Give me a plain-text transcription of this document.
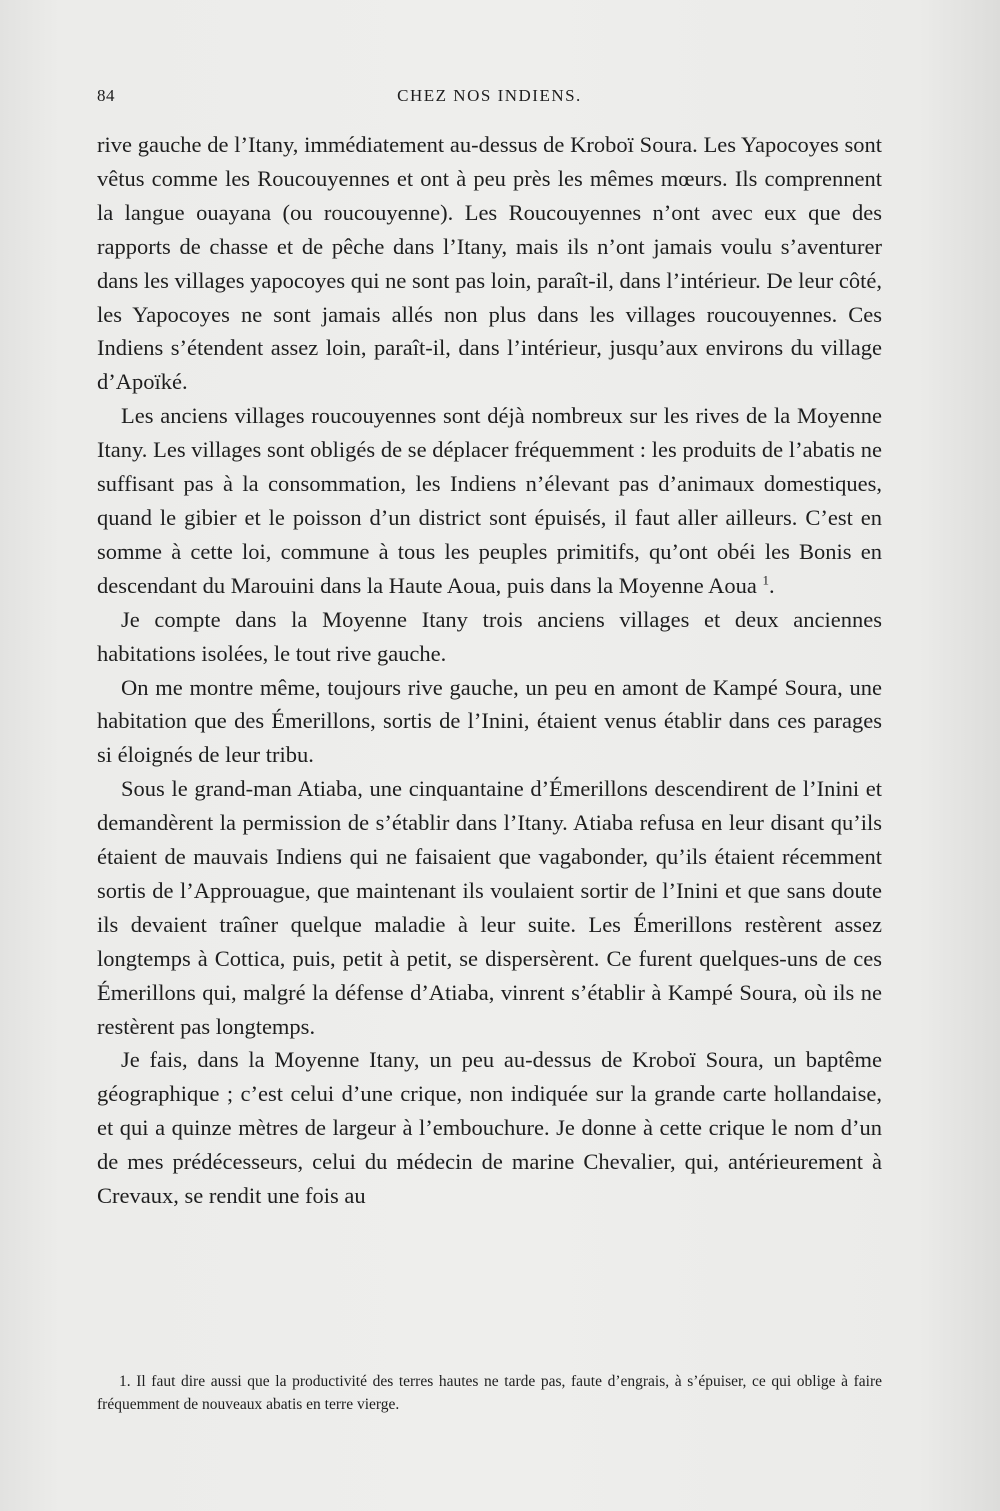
84	CHEZ NOS INDIENS.

rive gauche de l’Itany, immédiatement au-dessus de Kroboï Soura. Les Yapocoyes sont vêtus comme les Roucouyennes et ont à peu près les mêmes mœurs. Ils comprennent la langue ouayana (ou roucouyenne). Les Roucouyennes n’ont avec eux que des rapports de chasse et de pêche dans l’Itany, mais ils n’ont jamais voulu s’aventurer dans les villages yapocoyes qui ne sont pas loin, paraît-il, dans l’intérieur. De leur côté, les Yapocoyes ne sont jamais allés non plus dans les villages roucouyennes. Ces Indiens s’étendent assez loin, paraît-il, dans l’intérieur, jusqu’aux environs du village d’Apoïké.

Les anciens villages roucouyennes sont déjà nombreux sur les rives de la Moyenne Itany. Les villages sont obligés de se déplacer fréquemment : les produits de l’abatis ne suffisant pas à la consommation, les Indiens n’élevant pas d’animaux domestiques, quand le gibier et le poisson d’un district sont épuisés, il faut aller ailleurs. C’est en somme à cette loi, commune à tous les peuples primitifs, qu’ont obéi les Bonis en descendant du Marouini dans la Haute Aoua, puis dans la Moyenne Aoua $^1$.

Je compte dans la Moyenne Itany trois anciens villages et deux anciennes habitations isolées, le tout rive gauche.

On me montre même, toujours rive gauche, un peu en amont de Kampé Soura, une habitation que des Émerillons, sortis de l’Inini, étaient venus établir dans ces parages si éloignés de leur tribu.

Sous le grand-man Atiaba, une cinquantaine d’Émerillons descendirent de l’Inini et demandèrent la permission de s’établir dans l’Itany. Atiaba refusa en leur disant qu’ils étaient de mauvais Indiens qui ne faisaient que vagabonder, qu’ils étaient récemment sortis de l’Approuague, que maintenant ils voulaient sortir de l’Inini et que sans doute ils devaient traîner quelque maladie à leur suite. Les Émerillons restèrent assez longtemps à Cottica, puis, petit à petit, se dispersèrent. Ce furent quelques-uns de ces Émerillons qui, malgré la défense d’Atiaba, vinrent s’établir à Kampé Soura, où ils ne restèrent pas longtemps.

Je fais, dans la Moyenne Itany, un peu au-dessus de Kroboï Soura, un baptême géographique ; c’est celui d’une crique, non indiquée sur la grande carte hollandaise, et qui a quinze mètres de largeur à l’embouchure. Je donne à cette crique le nom d’un de mes prédécesseurs, celui du médecin de marine Chevalier, qui, antérieurement à Crevaux, se rendit une fois au

1. Il faut dire aussi que la productivité des terres hautes ne tarde pas, faute d’engrais, à s’épuiser, ce qui oblige à faire fréquemment de nouveaux abatis en terre vierge.
